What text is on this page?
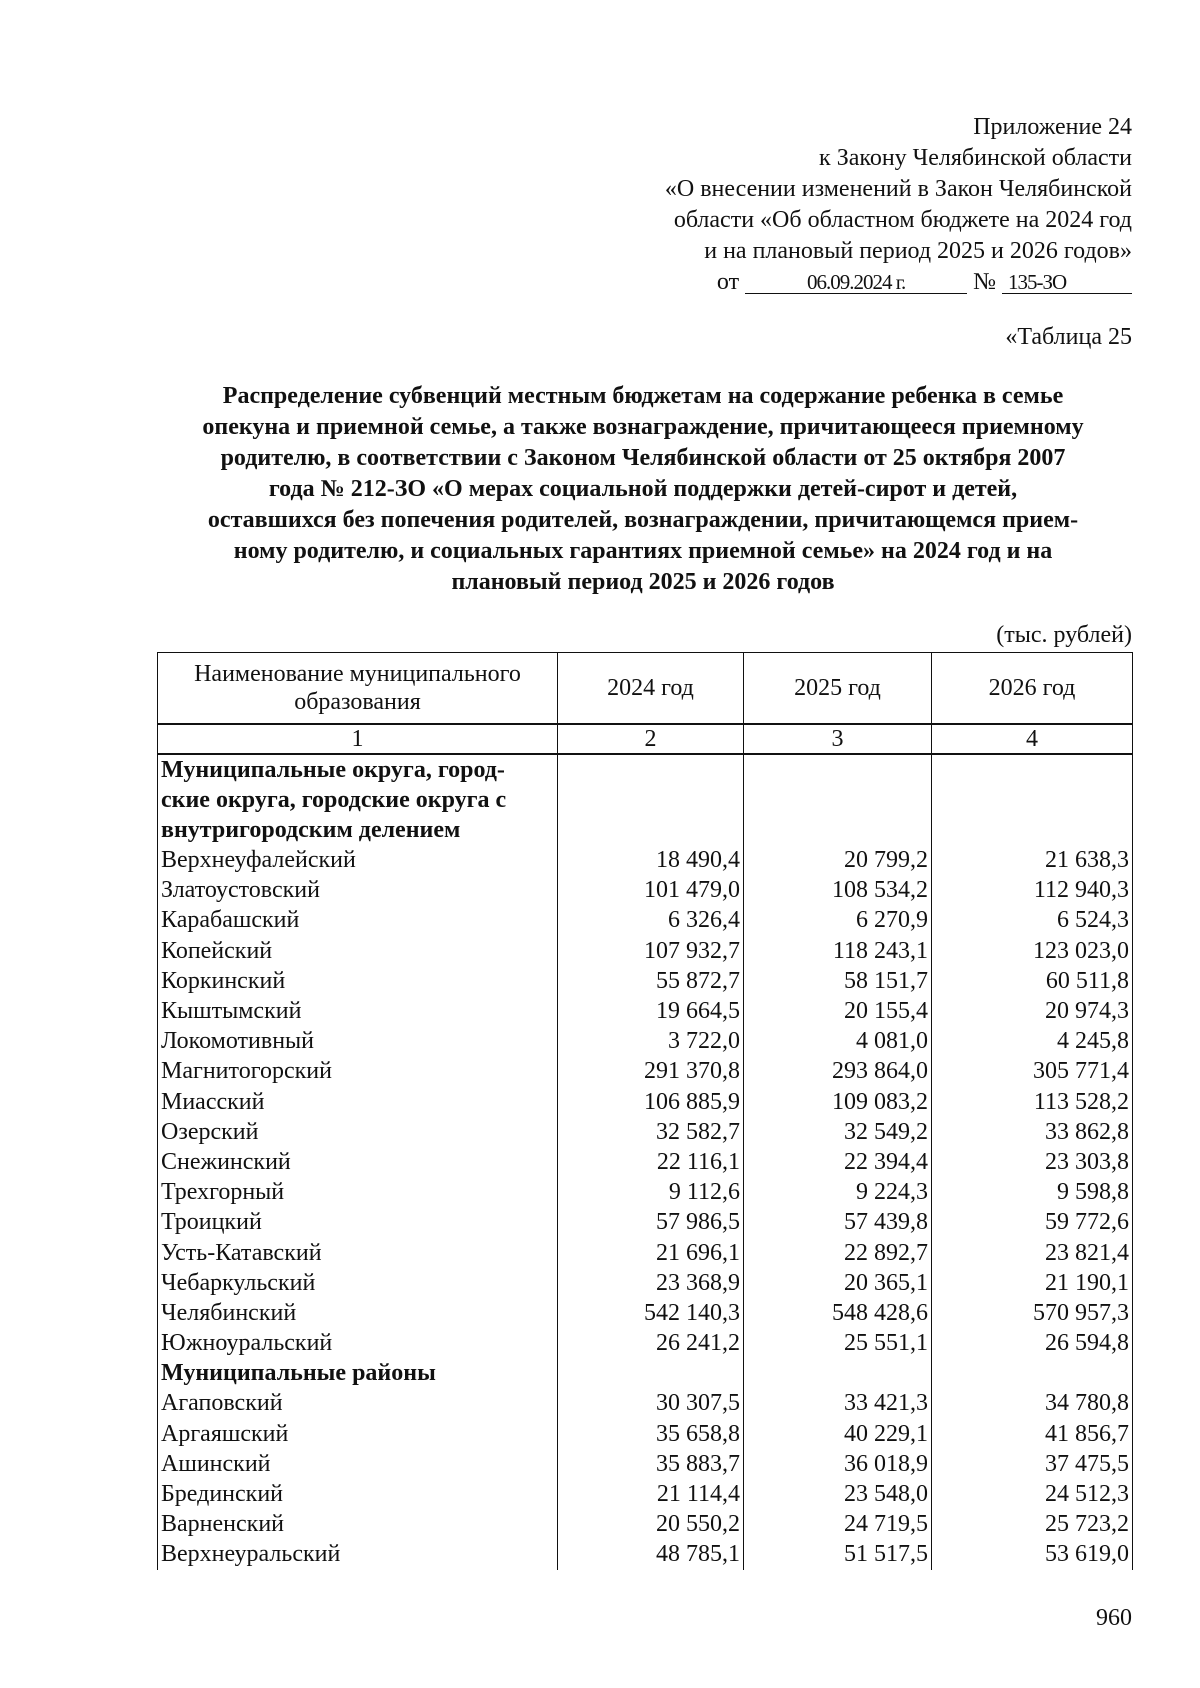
Приложение 24
к Закону Челябинской области
«О внесении изменений в Закон Челябинской
области «Об областном бюджете на 2024 год
и на плановый период 2025 и 2026 годов»
от	06.09.2024 г.	№ 135-ЗО
«Таблица 25
Распределение субвенций местным бюджетам на содержание ребенка в семье
опекуна и приемной семье, а также вознаграждение, причитающееся приемному
родителю, в соответствии с Законом Челябинской области от 25 октября 2007
года № 212-ЗО «О мерах социальной поддержки детей-сирот и детей,
оставшихся без попечения родителей, вознаграждении, причитающемся прием-
ному родителю, и социальных гарантиях приемной семье» на 2024 год и на
плановый период 2025 и 2026 годов
(тыс. рублей)
Наименование муниципального образования	2024 год	2025 год	2026 год
1	2	3	4
Муниципальные округа, город- ские округа, городские округа с внутригородским делением			
Верхнеуфалейский	18 490,4	20 799,2	21 638,3
Златоустовский	101 479,0	108 534,2	112 940,3
Карабашский	6 326,4	6 270,9	6 524,3
Копейский	107 932,7	118 243,1	123 023,0
Коркинский	55 872,7	58 151,7	60 511,8
Кыштымский	19 664,5	20 155,4	20 974,3
Локомотивный	3 722,0	4 081,0	4 245,8
Магнитогорский	291 370,8	293 864,0	305 771,4
Миасский	106 885,9	109 083,2	113 528,2
Озерский	32 582,7	32 549,2	33 862,8
Снежинский	22 116,1	22 394,4	23 303,8
Трехгорный	9 112,6	9 224,3	9 598,8
Троицкий	57 986,5	57 439,8	59 772,6
Усть-Катавский	21 696,1	22 892,7	23 821,4
Чебаркульский	23 368,9	20 365,1	21 190,1
Челябинский	542 140,3	548 428,6	570 957,3
Южноуральский	26 241,2	25 551,1	26 594,8
Муниципальные районы			
Агаповский	30 307,5	33 421,3	34 780,8
Аргаяшский	35 658,8	40 229,1	41 856,7
Ашинский	35 883,7	36 018,9	37 475,5
Брединский	21 114,4	23 548,0	24 512,3
Варненский	20 550,2	24 719,5	25 723,2
Верхнеуральский	48 785,1	51 517,5	53 619,0
960
